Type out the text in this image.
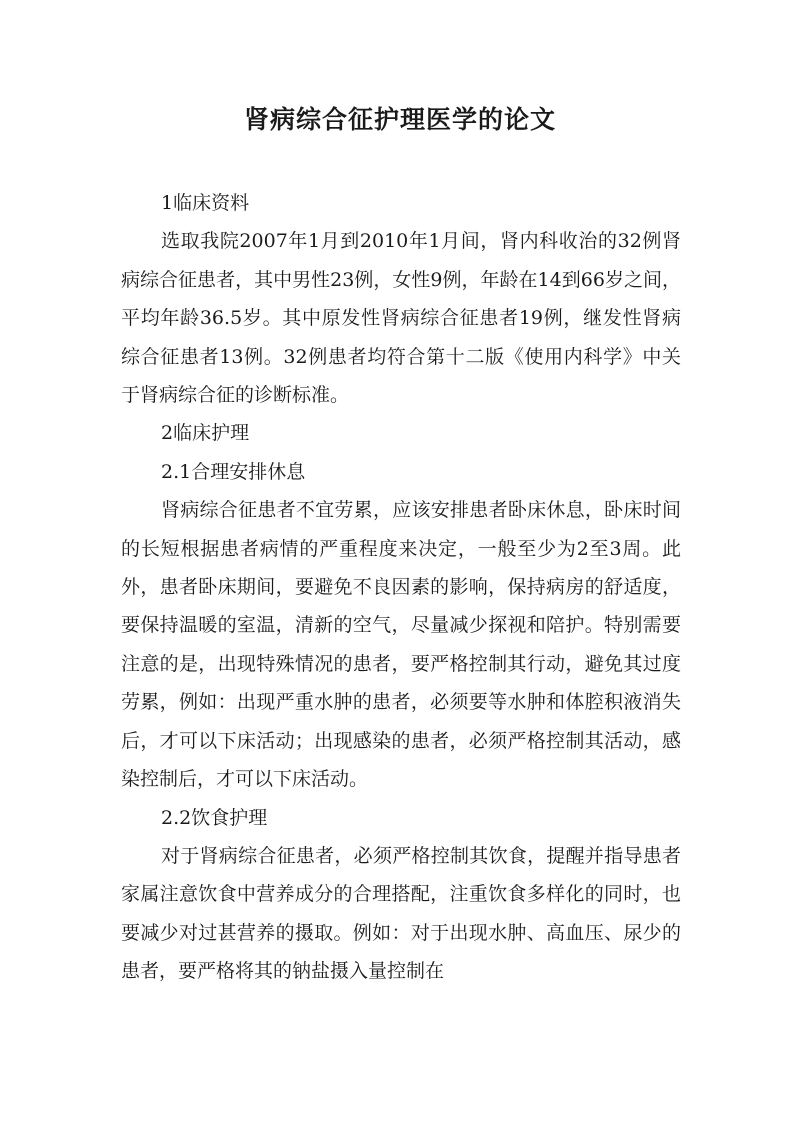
肾病综合征护理医学的论文

1临床资料

选取我院2007年1月到2010年1月间，肾内科收治的32例肾病综合征患者，其中男性23例，女性9例，年龄在14到66岁之间，平均年龄36.5岁。其中原发性肾病综合征患者19例，继发性肾病综合征患者13例。32例患者均符合第十二版《使用内科学》中关于肾病综合征的诊断标准。

2临床护理

2.1合理安排休息

肾病综合征患者不宜劳累，应该安排患者卧床休息，卧床时间的长短根据患者病情的严重程度来决定，一般至少为2至3周。此外，患者卧床期间，要避免不良因素的影响，保持病房的舒适度，要保持温暖的室温，清新的空气，尽量减少探视和陪护。特别需要注意的是，出现特殊情况的患者，要严格控制其行动，避免其过度劳累，例如：出现严重水肿的患者，必须要等水肿和体腔积液消失后，才可以下床活动；出现感染的患者，必须严格控制其活动，感染控制后，才可以下床活动。

2.2饮食护理

对于肾病综合征患者，必须严格控制其饮食，提醒并指导患者家属注意饮食中营养成分的合理搭配，注重饮食多样化的同时，也要减少对过甚营养的摄取。例如：对于出现水肿、高血压、尿少的患者，要严格将其的钠盐摄入量控制在
